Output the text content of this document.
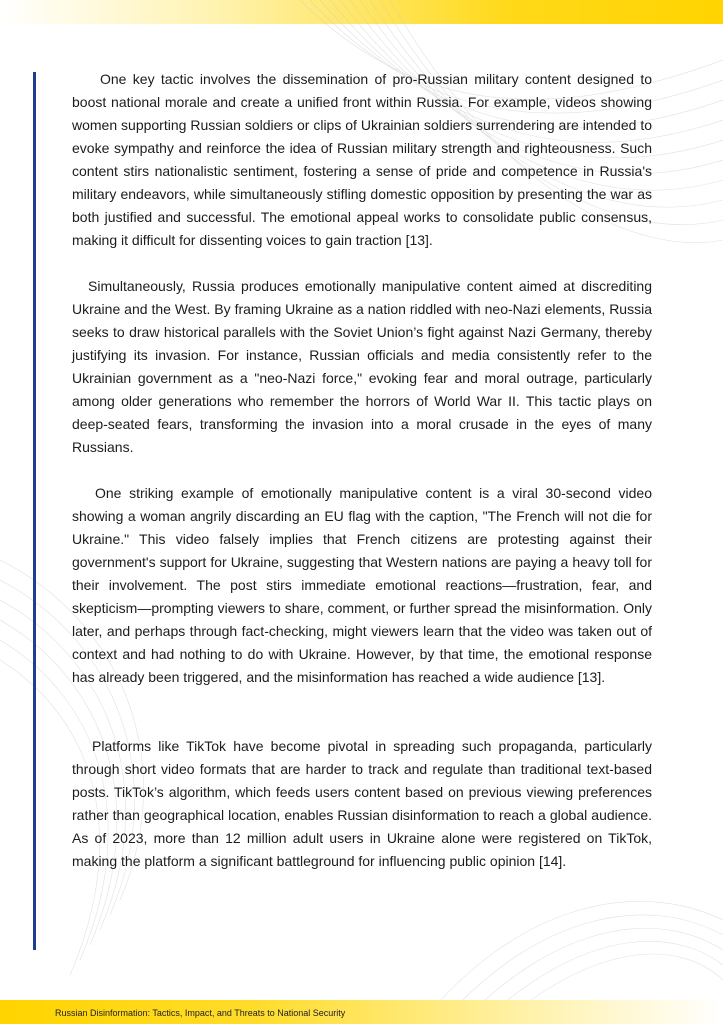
One key tactic involves the dissemination of pro-Russian military content designed to boost national morale and create a unified front within Russia. For example, videos showing women supporting Russian soldiers or clips of Ukrainian soldiers surrendering are intended to evoke sympathy and reinforce the idea of Russian military strength and righteousness. Such content stirs nationalistic sentiment, fostering a sense of pride and competence in Russia's military endeavors, while simultaneously stifling domestic opposition by presenting the war as both justified and successful. The emotional appeal works to consolidate public consensus, making it difficult for dissenting voices to gain traction [13].

Simultaneously, Russia produces emotionally manipulative content aimed at discrediting Ukraine and the West. By framing Ukraine as a nation riddled with neo-Nazi elements, Russia seeks to draw historical parallels with the Soviet Union’s fight against Nazi Germany, thereby justifying its invasion. For instance, Russian officials and media consistently refer to the Ukrainian government as a "neo-Nazi force," evoking fear and moral outrage, particularly among older generations who remember the horrors of World War II. This tactic plays on deep-seated fears, transforming the invasion into a moral crusade in the eyes of many Russians.

One striking example of emotionally manipulative content is a viral 30-second video showing a woman angrily discarding an EU flag with the caption, "The French will not die for Ukraine." This video falsely implies that French citizens are protesting against their government's support for Ukraine, suggesting that Western nations are paying a heavy toll for their involvement. The post stirs immediate emotional reactions—frustration, fear, and skepticism—prompting viewers to share, comment, or further spread the misinformation. Only later, and perhaps through fact-checking, might viewers learn that the video was taken out of context and had nothing to do with Ukraine. However, by that time, the emotional response has already been triggered, and the misinformation has reached a wide audience [13].

Platforms like TikTok have become pivotal in spreading such propaganda, particularly through short video formats that are harder to track and regulate than traditional text-based posts. TikTok’s algorithm, which feeds users content based on previous viewing preferences rather than geographical location, enables Russian disinformation to reach a global audience. As of 2023, more than 12 million adult users in Ukraine alone were registered on TikTok, making the platform a significant battleground for influencing public opinion [14].

Russian Disinformation: Tactics, Impact, and Threats to National Security
